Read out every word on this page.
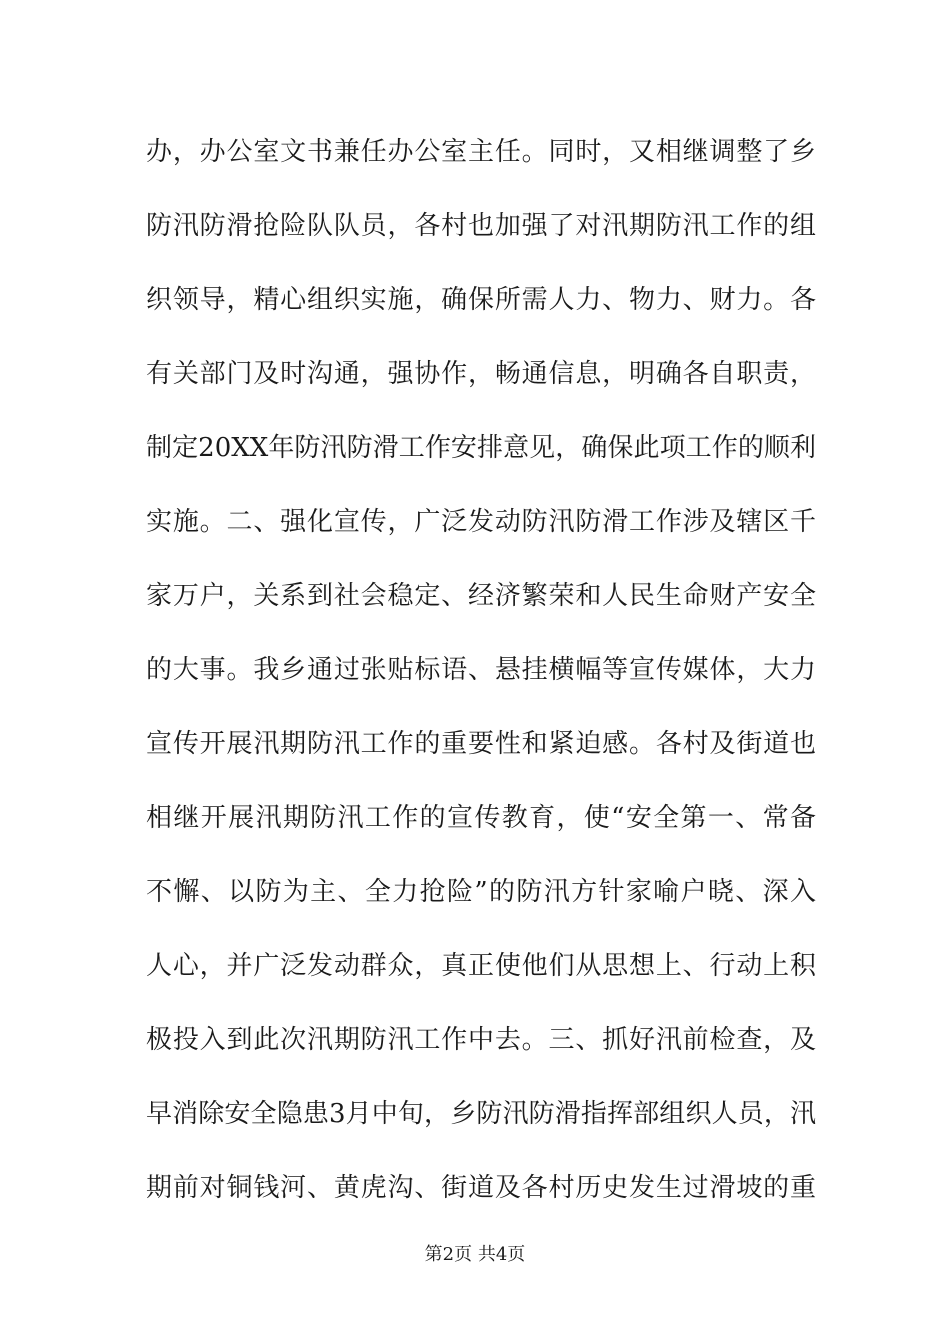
办，办公室文书兼任办公室主任。同时，又相继调整了乡
防汛防滑抢险队队员，各村也加强了对汛期防汛工作的组
织领导，精心组织实施，确保所需人力、物力、财力。各
有关部门及时沟通，强协作，畅通信息，明确各自职责，
制定20XX年防汛防滑工作安排意见，确保此项工作的顺利
实施。二、强化宣传，广泛发动防汛防滑工作涉及辖区千
家万户，关系到社会稳定、经济繁荣和人民生命财产安全
的大事。我乡通过张贴标语、悬挂横幅等宣传媒体，大力
宣传开展汛期防汛工作的重要性和紧迫感。各村及街道也
相继开展汛期防汛工作的宣传教育，使“安全第一、常备
不懈、以防为主、全力抢险”的防汛方针家喻户晓、深入
人心，并广泛发动群众，真正使他们从思想上、行动上积
极投入到此次汛期防汛工作中去。三、抓好汛前检查，及
早消除安全隐患3月中旬，乡防汛防滑指挥部组织人员，汛
期前对铜钱河、黄虎沟、街道及各村历史发生过滑坡的重
第2页 共4页
